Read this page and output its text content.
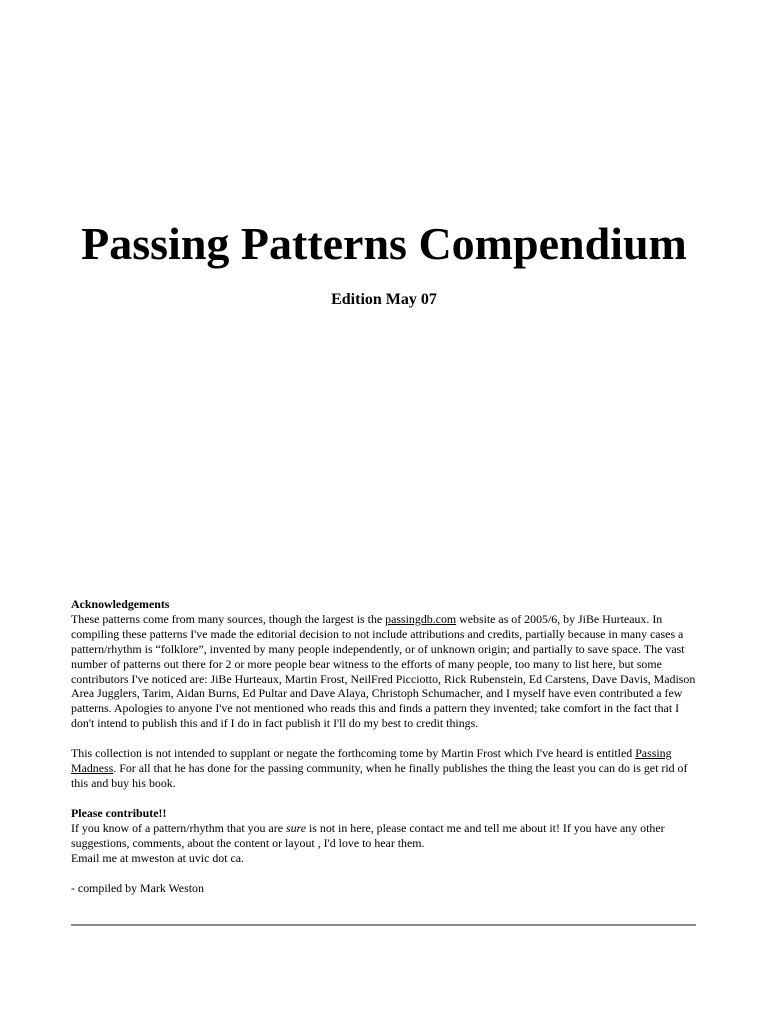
Passing Patterns Compendium
Edition May 07

Acknowledgements

These patterns come from many sources, though the largest is the passingdb.com website as of 2005/6, by JiBe Hurteaux. In compiling these patterns I've made the editorial decision to not include attributions and credits, partially because in many cases a pattern/rhythm is “folklore”, invented by many people independently, or of unknown origin; and partially to save space. The vast number of patterns out there for 2 or more people bear witness to the efforts of many people, too many to list here, but some contributors I've noticed are: JiBe Hurteaux, Martin Frost, NeilFred Picciotto, Rick Rubenstein, Ed Carstens, Dave Davis, Madison Area Jugglers, Tarim, Aidan Burns, Ed Pultar and Dave Alaya, Christoph Schumacher, and I myself have even contributed a few patterns. Apologies to anyone I've not mentioned who reads this and finds a pattern they invented; take comfort in the fact that I don't intend to publish this and if I do in fact publish it I'll do my best to credit things.

This collection is not intended to supplant or negate the forthcoming tome by Martin Frost which I've heard is entitled Passing Madness. For all that he has done for the passing community, when he finally publishes the thing the least you can do is get rid of this and buy his book.

Please contribute!!

If you know of a pattern/rhythm that you are sure is not in here, please contact me and tell me about it! If you have any other suggestions, comments, about the content or layout , I'd love to hear them.

Email me at mweston at uvic dot ca.

- compiled by Mark Weston
